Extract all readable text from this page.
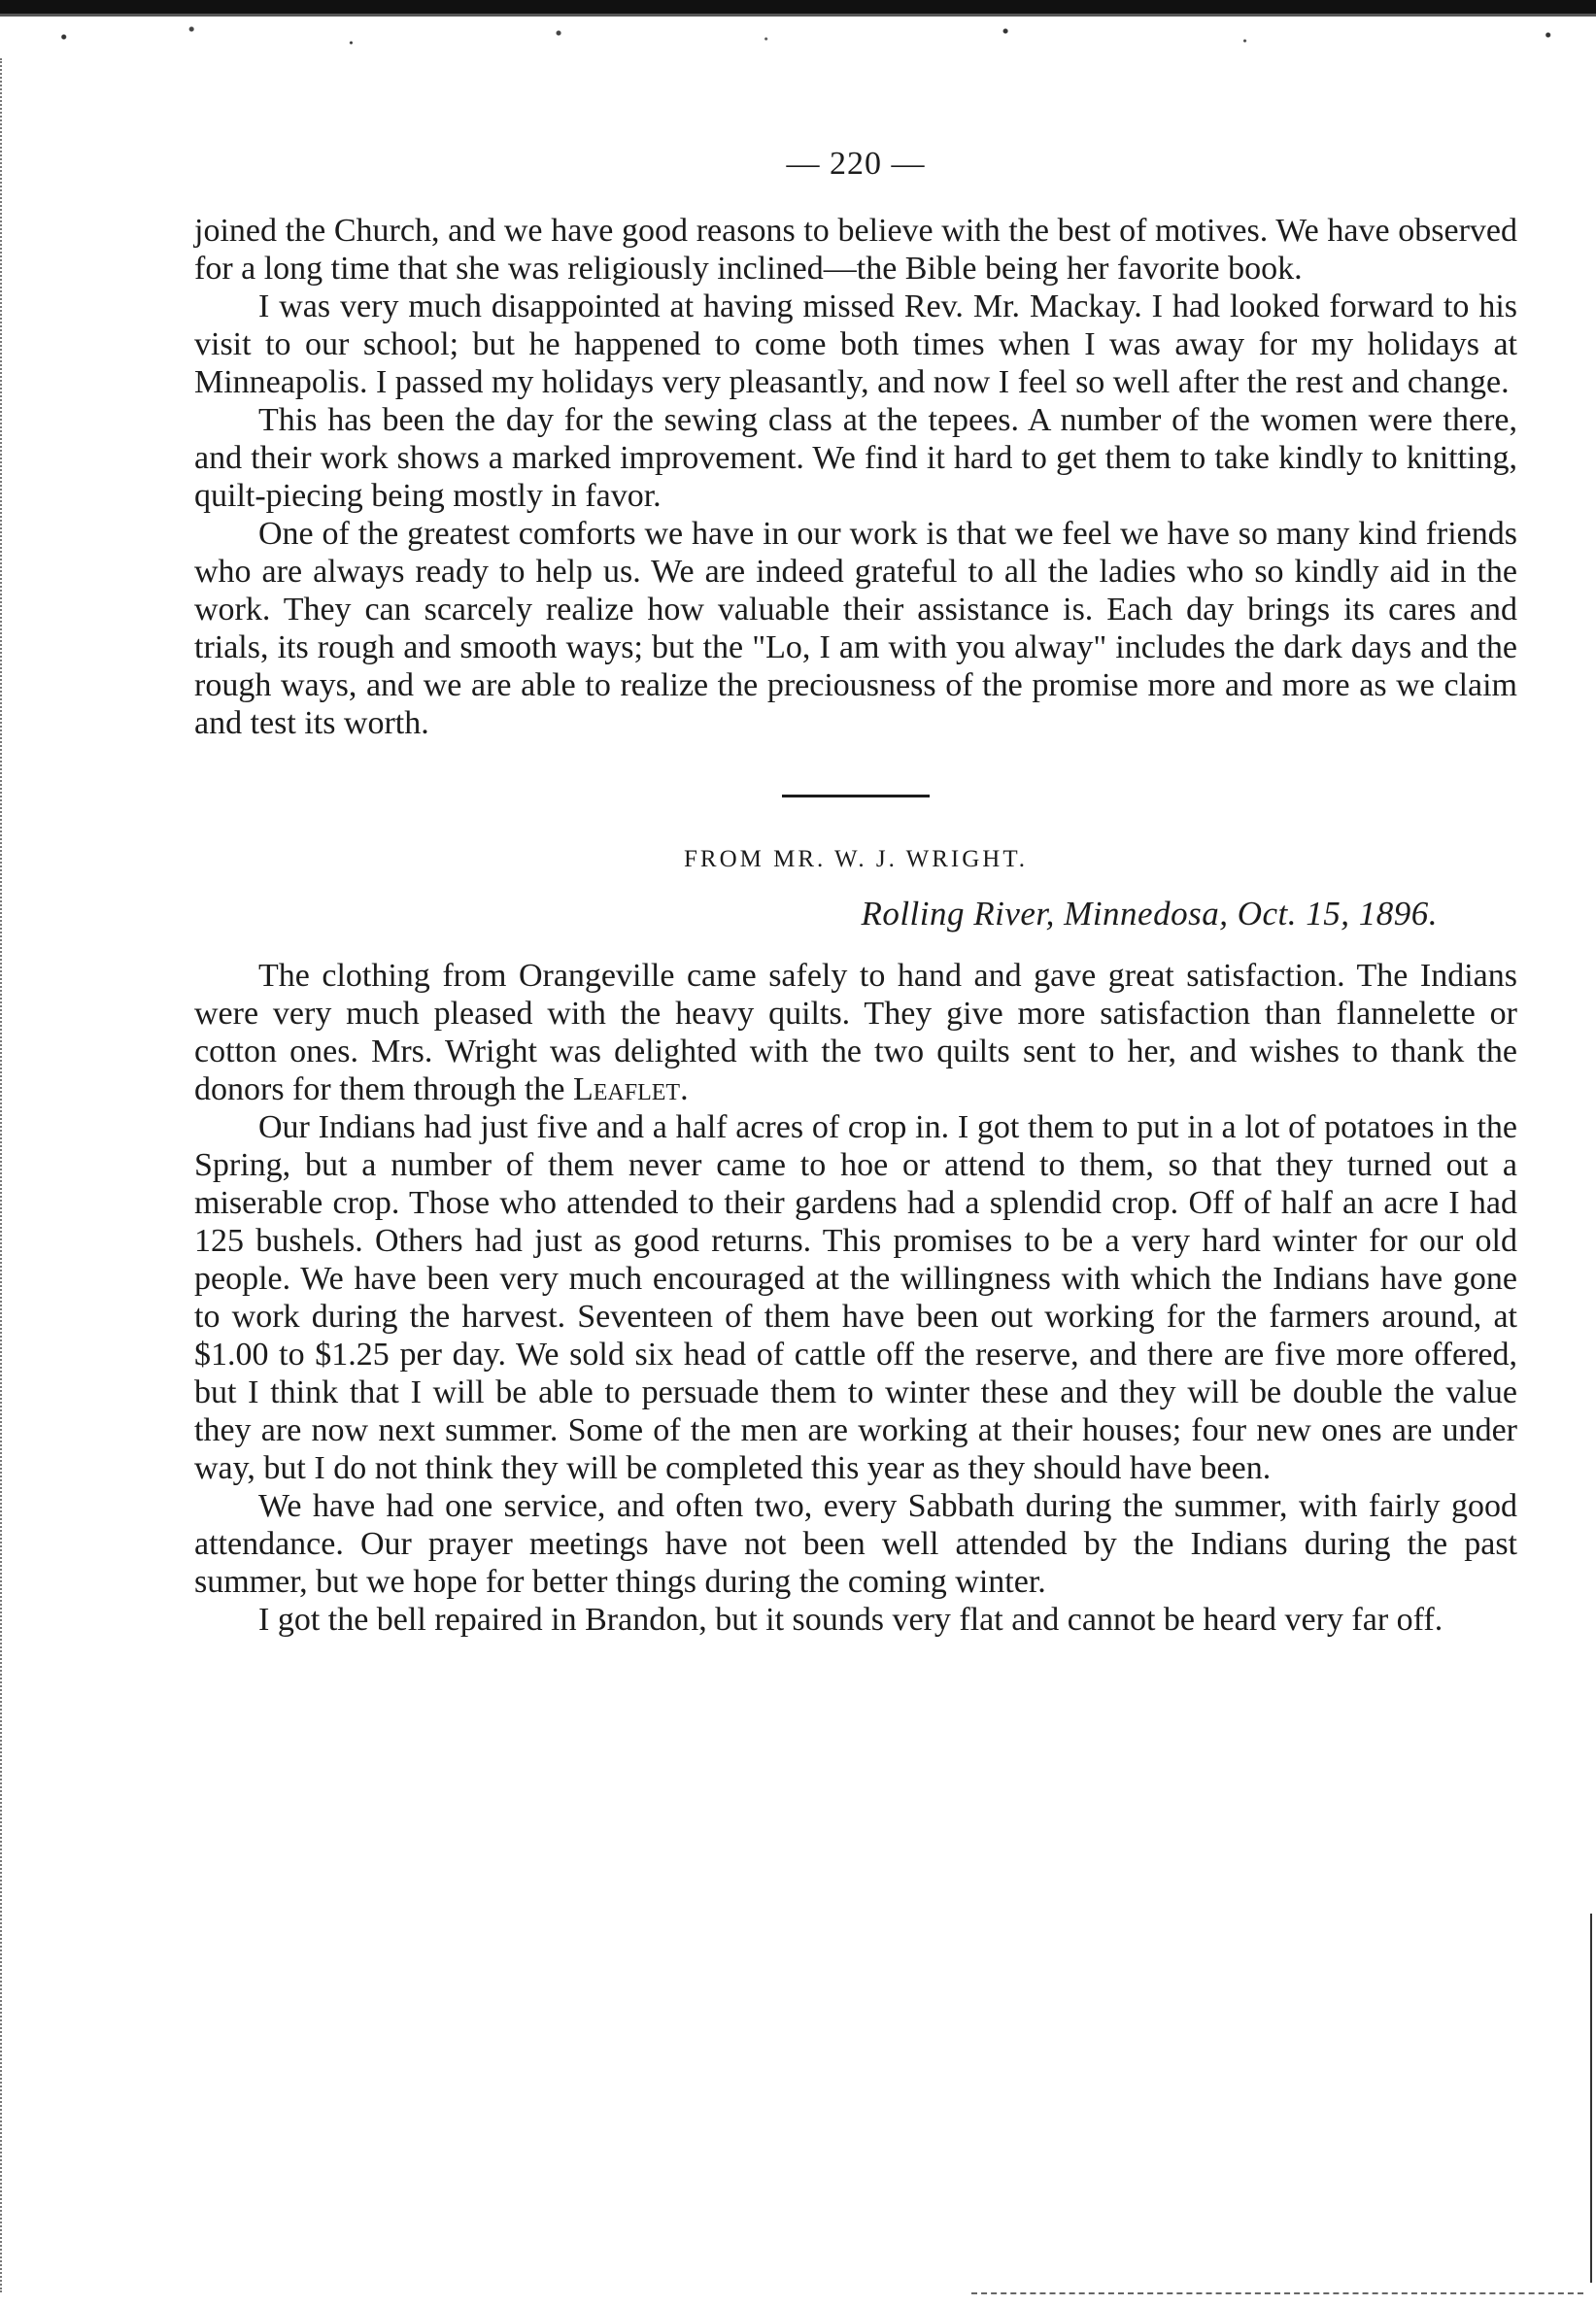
— 220 —

joined the Church, and we have good reasons to believe with the best of motives. We have observed for a long time that she was religiously inclined—the Bible being her favorite book.

I was very much disappointed at having missed Rev. Mr. Mackay. I had looked forward to his visit to our school; but he happened to come both times when I was away for my holidays at Minneapolis. I passed my holidays very pleasantly, and now I feel so well after the rest and change.

This has been the day for the sewing class at the tepees. A number of the women were there, and their work shows a marked improvement. We find it hard to get them to take kindly to knitting, quilt-piecing being mostly in favor.

One of the greatest comforts we have in our work is that we feel we have so many kind friends who are always ready to help us. We are indeed grateful to all the ladies who so kindly aid in the work. They can scarcely realize how valuable their assistance is. Each day brings its cares and trials, its rough and smooth ways; but the "Lo, I am with you alway" includes the dark days and the rough ways, and we are able to realize the preciousness of the promise more and more as we claim and test its worth.

FROM MR. W. J. WRIGHT.
Rolling River, Minnedosa, Oct. 15, 1896.

The clothing from Orangeville came safely to hand and gave great satisfaction. The Indians were very much pleased with the heavy quilts. They give more satisfaction than flannelette or cotton ones. Mrs. Wright was delighted with the two quilts sent to her, and wishes to thank the donors for them through the Leaflet.

Our Indians had just five and a half acres of crop in. I got them to put in a lot of potatoes in the Spring, but a number of them never came to hoe or attend to them, so that they turned out a miserable crop. Those who attended to their gardens had a splendid crop. Off of half an acre I had 125 bushels. Others had just as good returns. This promises to be a very hard winter for our old people. We have been very much encouraged at the willingness with which the Indians have gone to work during the harvest. Seventeen of them have been out working for the farmers around, at $1.00 to $1.25 per day. We sold six head of cattle off the reserve, and there are five more offered, but I think that I will be able to persuade them to winter these and they will be double the value they are now next summer. Some of the men are working at their houses; four new ones are under way, but I do not think they will be completed this year as they should have been.

We have had one service, and often two, every Sabbath during the summer, with fairly good attendance. Our prayer meetings have not been well attended by the Indians during the past summer, but we hope for better things during the coming winter.

I got the bell repaired in Brandon, but it sounds very flat and cannot be heard very far off.
